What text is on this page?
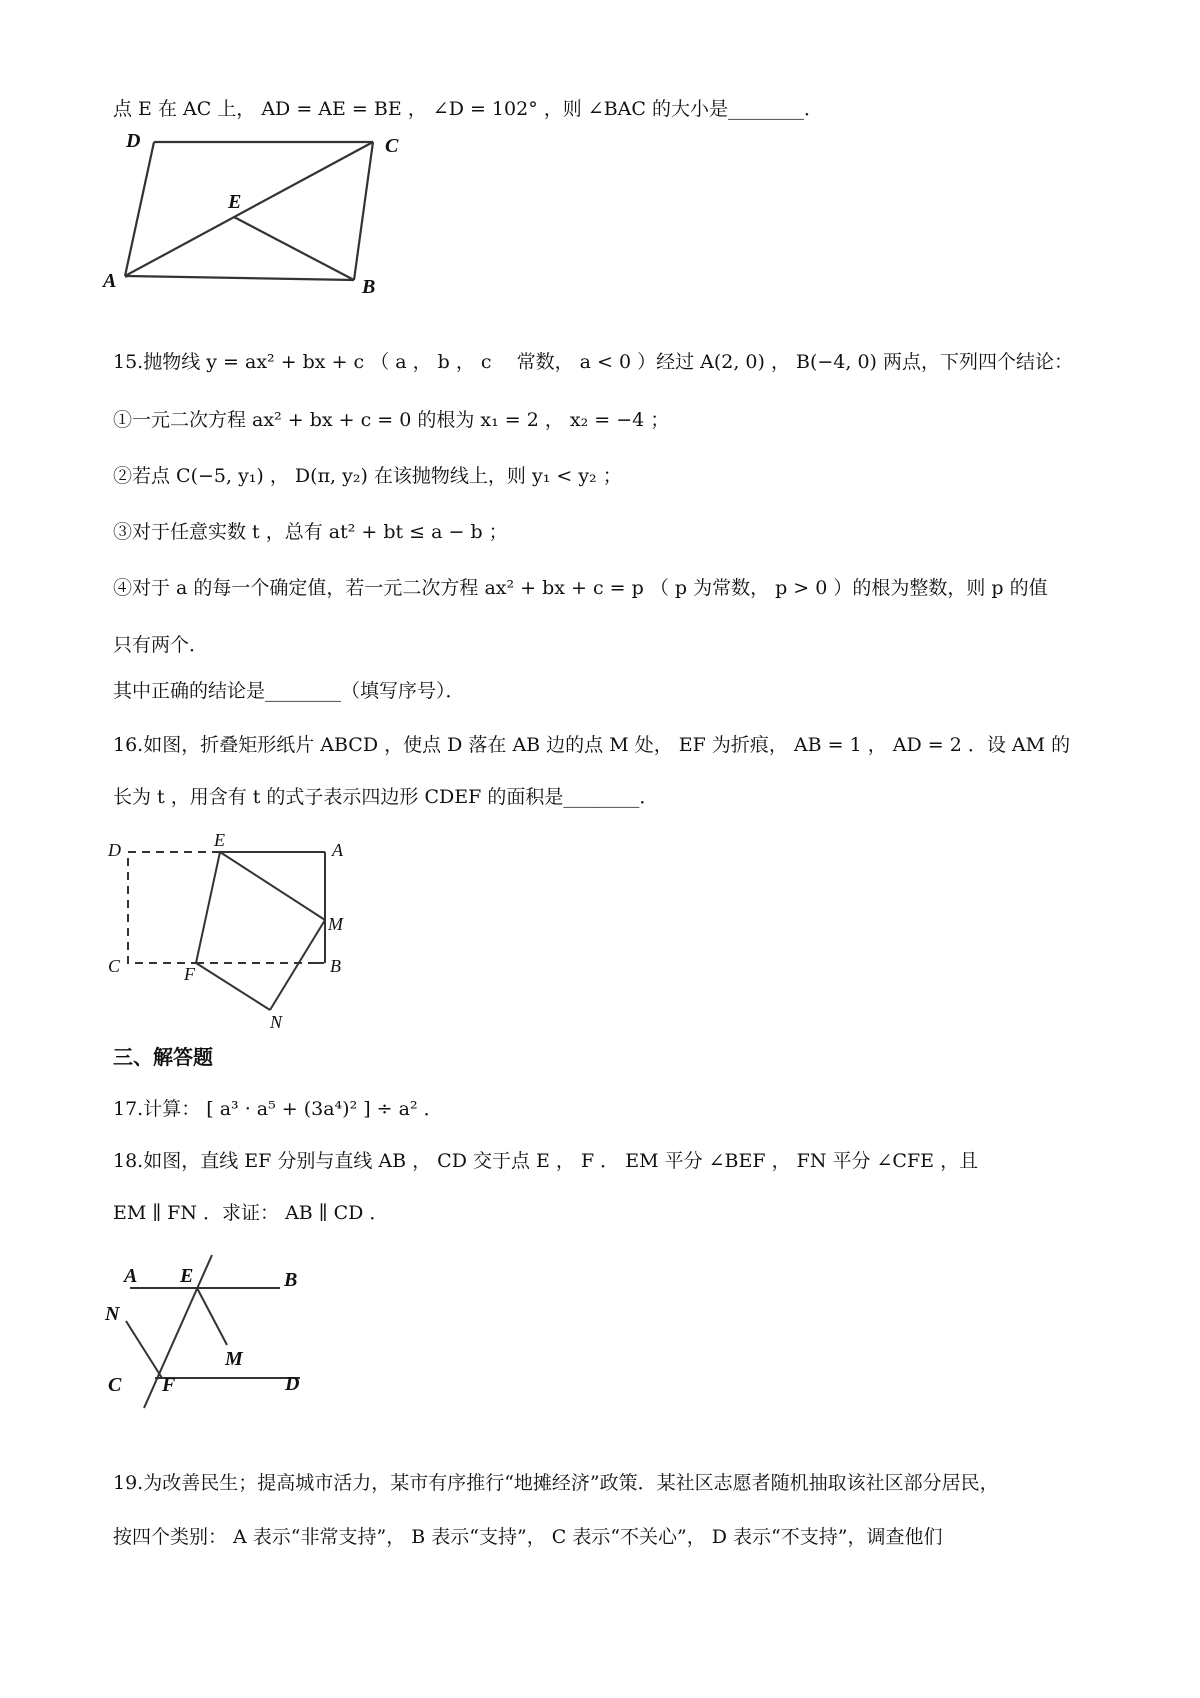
点 E 在 AC 上， AD = AE = BE ， ∠D = 102° ，则 ∠BAC 的大小是________．
D	C
E
A	B
15.抛物线 y = ax² + bx + c （ a ， b ， c 　常数， a < 0 ）经过 A(2, 0) ， B(−4, 0) 两点，下列四个结论：
①一元二次方程 ax² + bx + c = 0 的根为 x₁ = 2 ， x₂ = −4 ；
②若点 C(−5, y₁) ， D(π, y₂) 在该抛物线上，则 y₁ < y₂ ；
③对于任意实数 t ，总有 at² + bt ≤ a − b ；
④对于 a 的每一个确定值，若一元二次方程 ax² + bx + c = p （ p 为常数， p > 0 ）的根为整数，则 p 的值
只有两个．
其中正确的结论是________（填写序号）．
16.如图，折叠矩形纸片 ABCD ，使点 D 落在 AB 边的点 M 处， EF 为折痕， AB = 1 ， AD = 2 ．设 AM 的
长为 t ，用含有 t 的式子表示四边形 CDEF 的面积是________．
D	E	A
M
C	F	B
N
三、解答题
17.计算： [ a³ · a⁵ + (3a⁴)² ] ÷ a² ．
18.如图，直线 EF 分别与直线 AB ， CD 交于点 E ， F ． EM 平分 ∠BEF ， FN 平分 ∠CFE ，且
EM ∥ FN ．求证： AB ∥ CD ．
A E	B
N
M
C F	D
19.为改善民生；提高城市活力，某市有序推行“地摊经济”政策．某社区志愿者随机抽取该社区部分居民，
按四个类别： A 表示“非常支持”， B 表示“支持”， C 表示“不关心”， D 表示“不支持”，调查他们
